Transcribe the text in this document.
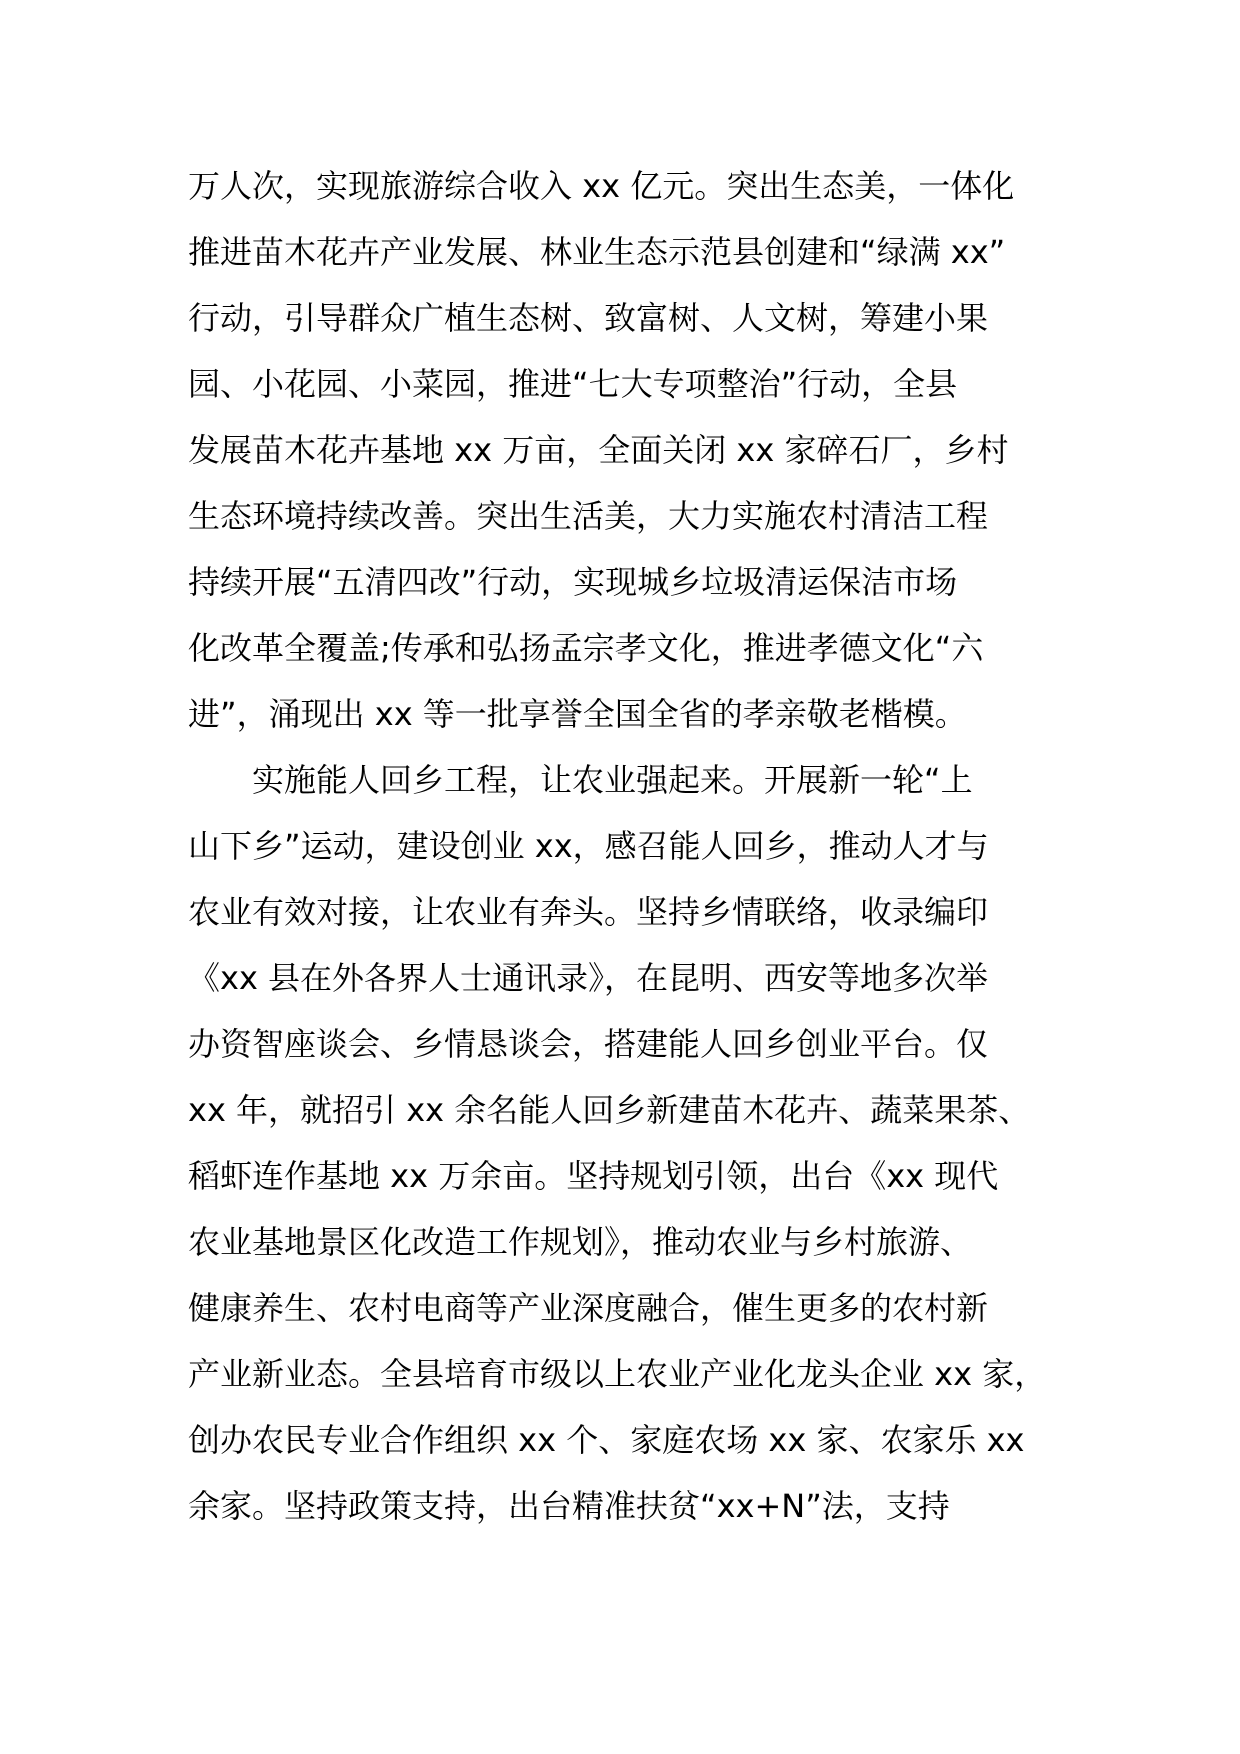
万人次，实现旅游综合收入 xx 亿元。突出生态美，一体化
推进苗木花卉产业发展、林业生态示范县创建和“绿满 xx”
行动，引导群众广植生态树、致富树、人文树，筹建小果
园、小花园、小菜园，推进“七大专项整治”行动，全县
发展苗木花卉基地 xx 万亩，全面关闭 xx 家碎石厂，乡村
生态环境持续改善。突出生活美，大力实施农村清洁工程
持续开展“五清四改”行动，实现城乡垃圾清运保洁市场
化改革全覆盖;传承和弘扬孟宗孝文化，推进孝德文化“六
进”，涌现出 xx 等一批享誉全国全省的孝亲敬老楷模。
　　实施能人回乡工程，让农业强起来。开展新一轮“上
山下乡”运动，建设创业 xx，感召能人回乡，推动人才与
农业有效对接，让农业有奔头。坚持乡情联络，收录编印
《xx 县在外各界人士通讯录》，在昆明、西安等地多次举
办资智座谈会、乡情恳谈会，搭建能人回乡创业平台。仅
xx 年，就招引 xx 余名能人回乡新建苗木花卉、蔬菜果茶、
稻虾连作基地 xx 万余亩。坚持规划引领，出台《xx 现代
农业基地景区化改造工作规划》，推动农业与乡村旅游、
健康养生、农村电商等产业深度融合，催生更多的农村新
产业新业态。全县培育市级以上农业产业化龙头企业 xx 家，
创办农民专业合作组织 xx 个、家庭农场 xx 家、农家乐 xx
余家。坚持政策支持，出台精准扶贫“xx+N”法，支持
